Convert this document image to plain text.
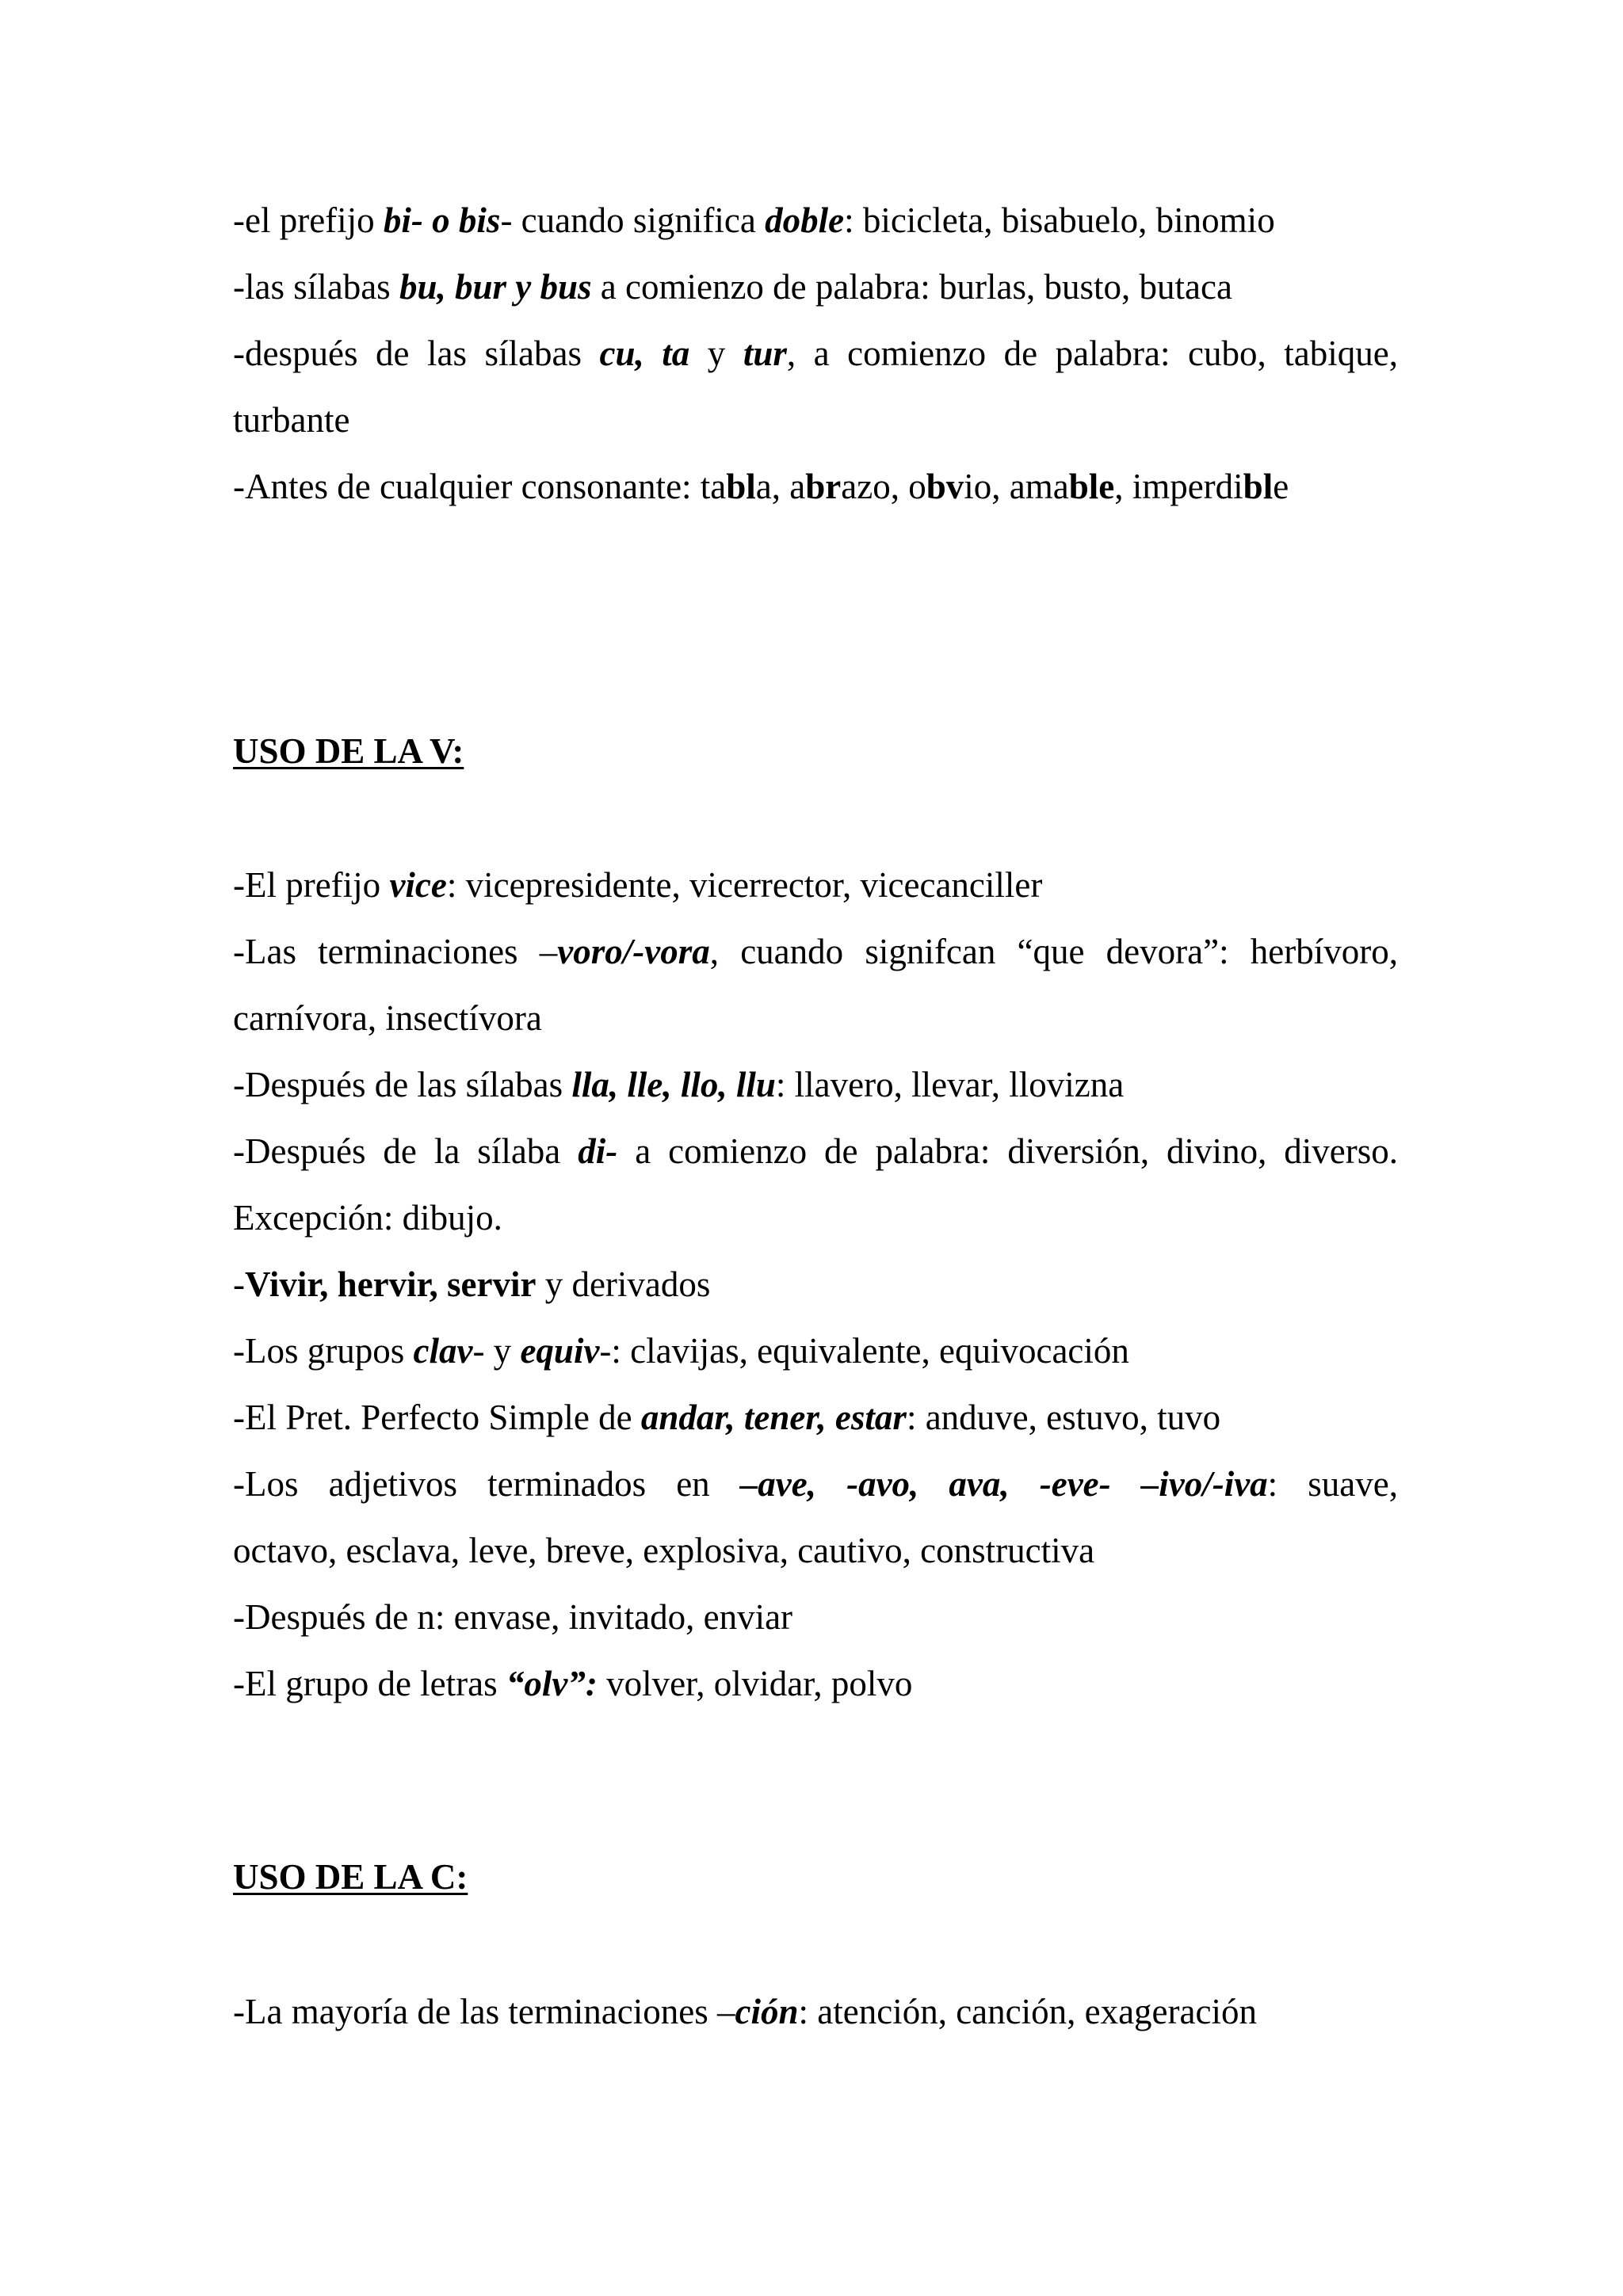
-el prefijo bi- o bis- cuando significa doble: bicicleta, bisabuelo, binomio

-las sílabas bu, bur y bus a comienzo de palabra: burlas, busto, butaca

-después de las sílabas cu, ta y tur, a comienzo de palabra: cubo, tabique,

turbante

-Antes de cualquier consonante: tabla, abrazo, obvio, amable, imperdible

USO DE LA V:

-El prefijo vice: vicepresidente, vicerrector, vicecanciller

-Las terminaciones –voro/-vora, cuando signifcan “que devora”: herbívoro,

carnívora, insectívora

-Después de las sílabas lla, lle, llo, llu: llavero, llevar, llovizna

-Después de la sílaba di- a comienzo de palabra: diversión, divino, diverso.

Excepción: dibujo.

-Vivir, hervir, servir y derivados

-Los grupos clav- y equiv-: clavijas, equivalente, equivocación

-El Pret. Perfecto Simple de andar, tener, estar: anduve, estuvo, tuvo

-Los adjetivos terminados en –ave, -avo, ava, -eve- –ivo/-iva: suave,

octavo, esclava, leve, breve, explosiva, cautivo, constructiva

-Después de n: envase, invitado, enviar

-El grupo de letras “olv”: volver, olvidar, polvo

USO DE LA C:

-La mayoría de las terminaciones –ción: atención, canción, exageración
